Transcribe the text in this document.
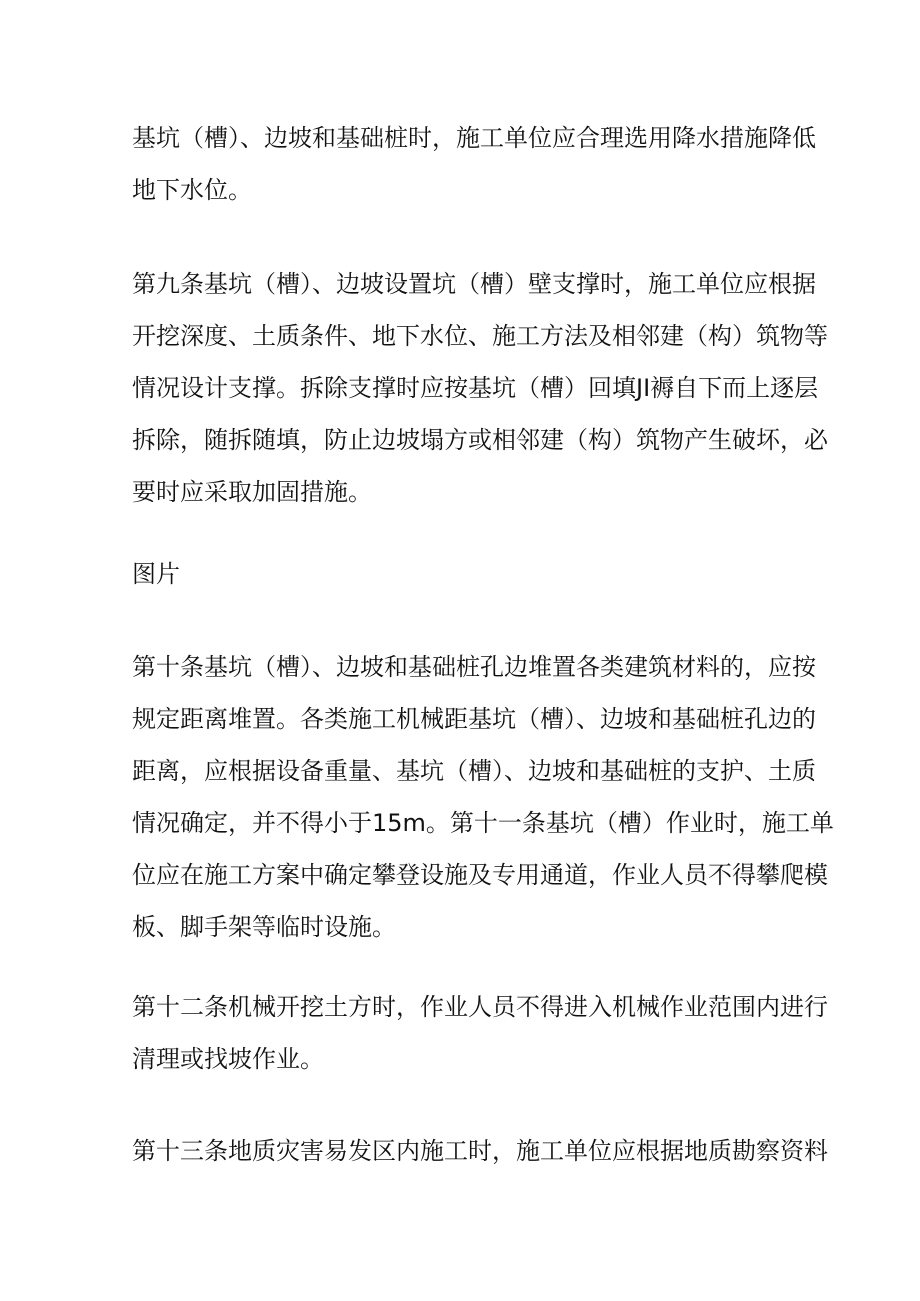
基坑（槽）、边坡和基础桩时，施工单位应合理选用降水措施降低
地下水位。
第九条基坑（槽）、边坡设置坑（槽）壁支撑时，施工单位应根据
开挖深度、土质条件、地下水位、施工方法及相邻建（构）筑物等
情况设计支撑。拆除支撑时应按基坑（槽）回填JI褥自下而上逐层
拆除，随拆随填，防止边坡塌方或相邻建（构）筑物产生破坏，必
要时应采取加固措施。
图片
第十条基坑（槽）、边坡和基础桩孔边堆置各类建筑材料的，应按
规定距离堆置。各类施工机械距基坑（槽）、边坡和基础桩孔边的
距离，应根据设备重量、基坑（槽）、边坡和基础桩的支护、土质
情况确定，并不得小于15m。第十一条基坑（槽）作业时，施工单
位应在施工方案中确定攀登设施及专用通道，作业人员不得攀爬模
板、脚手架等临时设施。
第十二条机械开挖土方时，作业人员不得进入机械作业范围内进行
清理或找坡作业。
第十三条地质灾害易发区内施工时，施工单位应根据地质勘察资料
